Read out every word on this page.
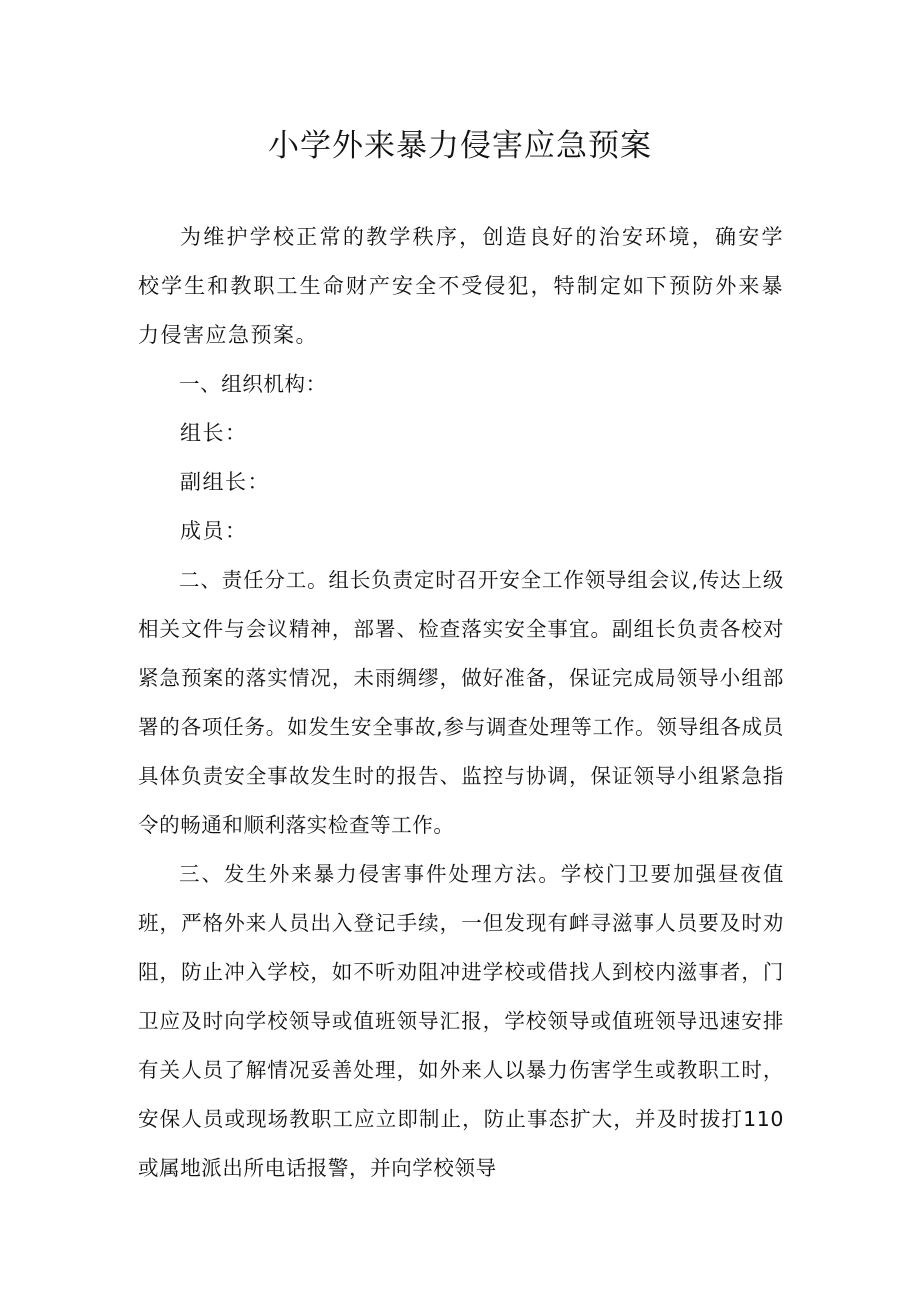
小学外来暴力侵害应急预案

为维护学校正常的教学秩序，创造良好的治安环境，确安学校学生和教职工生命财产安全不受侵犯，特制定如下预防外来暴力侵害应急预案。

一、组织机构：

组长：

副组长：

成员：

二、责任分工。组长负责定时召开安全工作领导组会议,传达上级相关文件与会议精神，部署、检查落实安全事宜。副组长负责各校对紧急预案的落实情况，未雨绸缪，做好准备，保证完成局领导小组部署的各项任务。如发生安全事故,参与调查处理等工作。领导组各成员具体负责安全事故发生时的报告、监控与协调，保证领导小组紧急指令的畅通和顺利落实检查等工作。

三、发生外来暴力侵害事件处理方法。学校门卫要加强昼夜值班，严格外来人员出入登记手续，一但发现有衅寻滋事人员要及时劝阻，防止冲入学校，如不听劝阻冲进学校或借找人到校内滋事者，门卫应及时向学校领导或值班领导汇报，学校领导或值班领导迅速安排有关人员了解情况妥善处理，如外来人以暴力伤害学生或教职工时，安保人员或现场教职工应立即制止，防止事态扩大，并及时拔打110或属地派出所电话报警，并向学校领导
